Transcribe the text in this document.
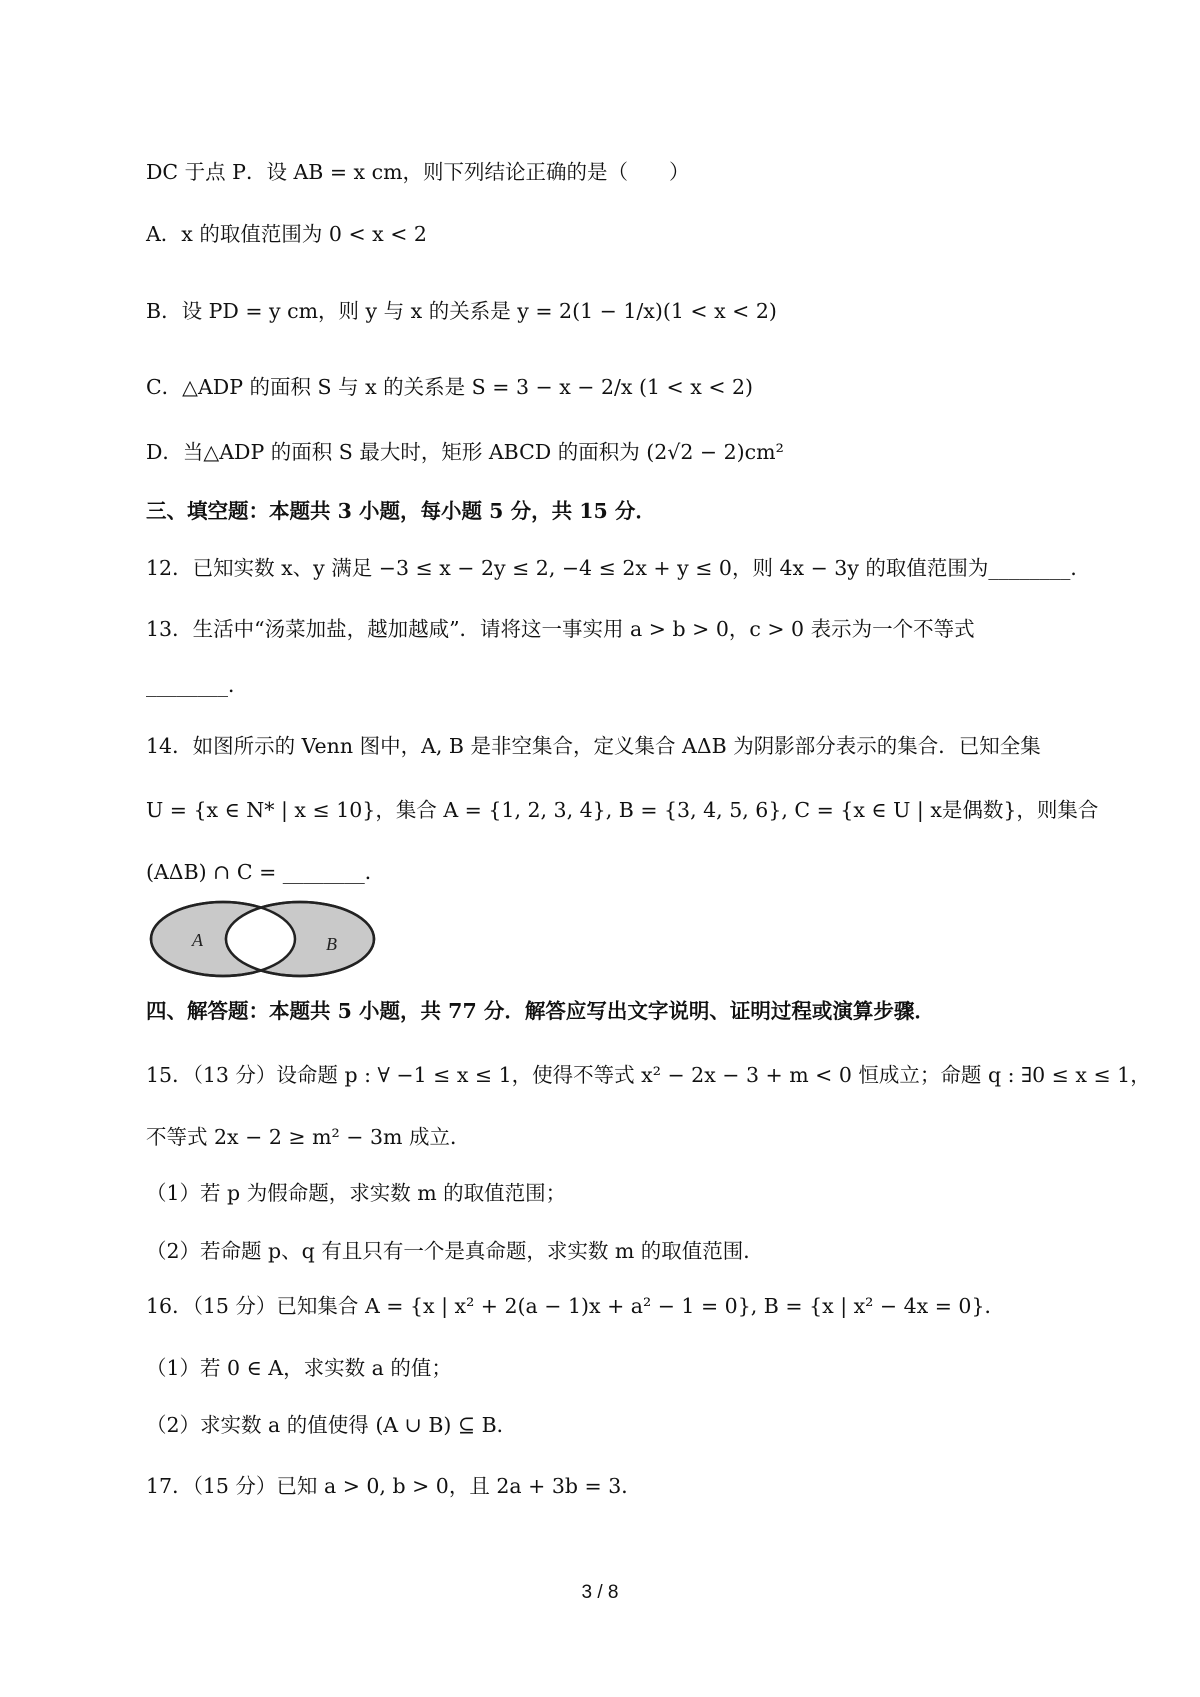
DC 于点 P．设 AB = x cm，则下列结论正确的是（　　）
A．x 的取值范围为 0 < x < 2
B．设 PD = y cm，则 y 与 x 的关系是 y = 2(1 − 1/x)(1 < x < 2)
C．△ADP 的面积 S 与 x 的关系是 S = 3 − x − 2/x (1 < x < 2)
D．当△ADP 的面积 S 最大时，矩形 ABCD 的面积为 (2√2 − 2)cm²
三、填空题：本题共 3 小题，每小题 5 分，共 15 分．
12．已知实数 x、y 满足 −3 ≤ x − 2y ≤ 2, −4 ≤ 2x + y ≤ 0，则 4x − 3y 的取值范围为________．
13．生活中“汤菜加盐，越加越咸”．请将这一事实用 a > b > 0，c > 0 表示为一个不等式
________．
14．如图所示的 Venn 图中，A, B 是非空集合，定义集合 AΔB 为阴影部分表示的集合．已知全集
U = {x ∈ N* | x ≤ 10}，集合 A = {1, 2, 3, 4}, B = {3, 4, 5, 6}, C = {x ∈ U | x是偶数}，则集合
(AΔB) ∩ C = ________．
A	B
四、解答题：本题共 5 小题，共 77 分．解答应写出文字说明、证明过程或演算步骤．
15．（13 分）设命题 p : ∀ −1 ≤ x ≤ 1，使得不等式 x² − 2x − 3 + m < 0 恒成立；命题 q : ∃0 ≤ x ≤ 1，
不等式 2x − 2 ≥ m² − 3m 成立．
（1）若 p 为假命题，求实数 m 的取值范围；
（2）若命题 p、q 有且只有一个是真命题，求实数 m 的取值范围．
16．（15 分）已知集合 A = {x | x² + 2(a − 1)x + a² − 1 = 0}, B = {x | x² − 4x = 0}．
（1）若 0 ∈ A，求实数 a 的值；
（2）求实数 a 的值使得 (A ∪ B) ⊆ B．
17．（15 分）已知 a > 0, b > 0，且 2a + 3b = 3．
3 / 8
